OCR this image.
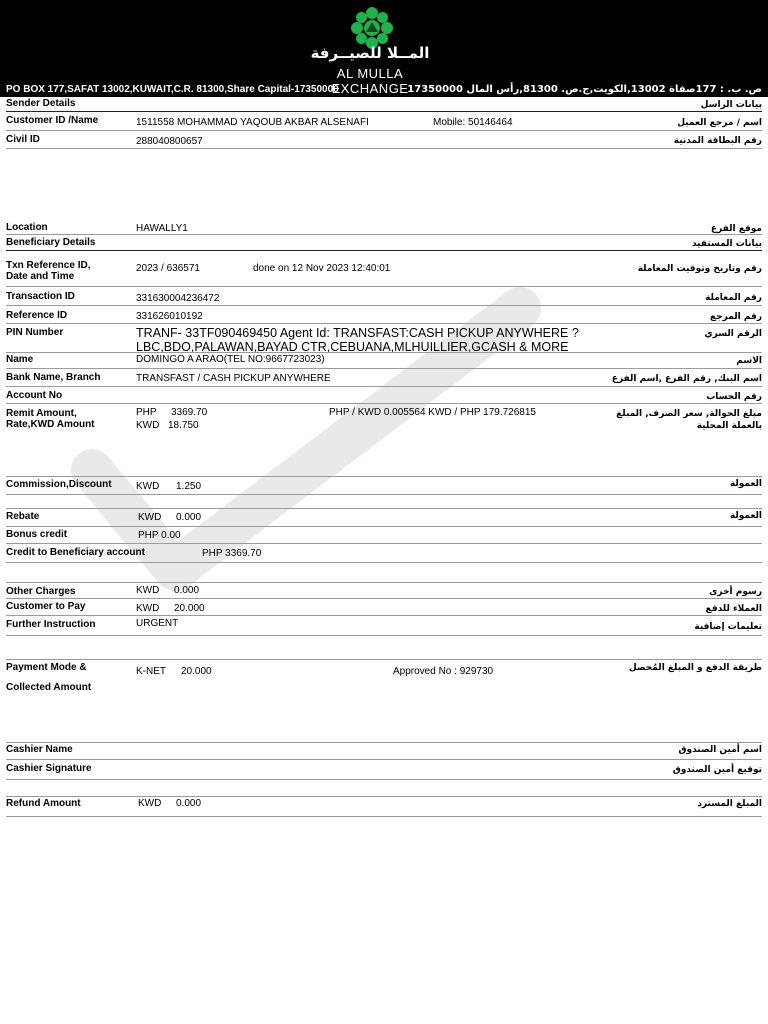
المــلا للصيــرفة
AL MULLA EXCHANGE
PO BOX 177,SAFAT 13002,KUWAIT,C.R. 81300,Share Capital-17350000	ص. ب. : 177صفاة 13002,الكويت,ج.ص. 81300,رأس المال 17350000
Sender Details	بيانات الراسل
Customer ID /Name	1511558 MOHAMMAD YAQOUB AKBAR ALSENAFI	Mobile: 50146464	اسم / مرجع العميل
Civil ID	288040800657	رقم البطاقة المدنية
Location	HAWALLY1	موقع الفرع
Beneficiary Details	بيانات المستفيد
Txn Reference ID,
Date and Time
2023 / 636571	done on 12 Nov 2023 12:40:01	رقم وتاريخ وتوقيت المعاملة
Transaction ID	331630004236472	رقم المعاملة
Reference ID	331626010192	رقم المرجع
PIN Number	TRANF- 33TF090469450 Agent Id: TRANSFAST:CASH PICKUP ANYWHERE ?
LBC,BDO,PALAWAN,BAYAD CTR,CEBUANA,MLHUILLIER,GCASH & MORE
الرقم السري
Name	DOMINGO A ARAO(TEL NO:9667723023)	الاسم
Bank Name, Branch	TRANSFAST / CASH PICKUP ANYWHERE	اسم البنك, رقم الفرع ,اسم الفرع
Account No	رقم الحساب
Remit Amount,
Rate,KWD Amount
PHP 3369.70
KWD 18.750
PHP / KWD 0.005564 KWD / PHP 179.726815	مبلغ الحوالة, سعر الصرف, المبلغ
بالعملة المحلية
Commission,Discount KWD 1.250	العمولة
Rebate	KWD 0.000	العمولة
Bonus credit	PHP 0.00
Credit to Beneficiary account	PHP 3369.70
Other Charges	KWD 0.000	رسوم أخرى
Customer to Pay	KWD 20.000	العملاء للدفع
Further Instruction	URGENT	تعليمات إضافية
Payment Mode &
Collected Amount
K-NET 20.000	Approved No : 929730	طريقة الدفع و المبلغ المُحصل
Cashier Name	اسم أمين الصندوق
Cashier Signature	توقيع أمين الصندوق
Refund Amount	KWD 0.000	المبلغ المسترد
